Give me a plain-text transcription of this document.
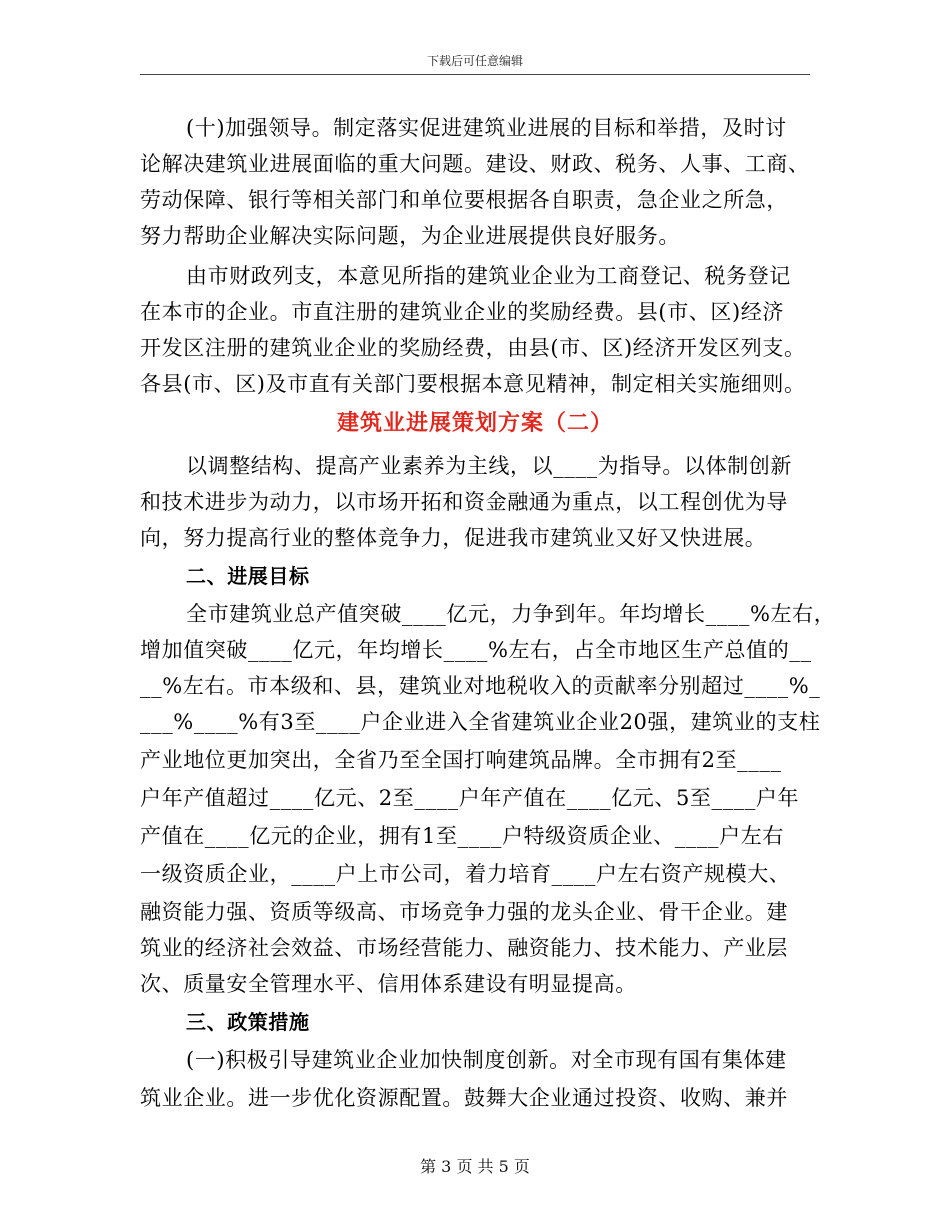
下载后可任意编辑
(十)加强领导。制定落实促进建筑业进展的目标和举措，及时讨
论解决建筑业进展面临的重大问题。建设、财政、税务、人事、工商、
劳动保障、银行等相关部门和单位要根据各自职责，急企业之所急，
努力帮助企业解决实际问题，为企业进展提供良好服务。
由市财政列支，本意见所指的建筑业企业为工商登记、税务登记
在本市的企业。市直注册的建筑业企业的奖励经费。县(市、区)经济
开发区注册的建筑业企业的奖励经费，由县(市、区)经济开发区列支。
各县(市、区)及市直有关部门要根据本意见精神，制定相关实施细则。
建筑业进展策划方案（二）
以调整结构、提高产业素养为主线，以____为指导。以体制创新
和技术进步为动力，以市场开拓和资金融通为重点，以工程创优为导
向，努力提高行业的整体竞争力，促进我市建筑业又好又快进展。
二、进展目标
全市建筑业总产值突破____亿元，力争到年。年均增长____%左右，
增加值突破____亿元，年均增长____%左右，占全市地区生产总值的__
__%左右。市本级和、县，建筑业对地税收入的贡献率分别超过____%_
___%____%有3至____户企业进入全省建筑业企业20强，建筑业的支柱
产业地位更加突出，全省乃至全国打响建筑品牌。全市拥有2至____
户年产值超过____亿元、2至____户年产值在____亿元、5至____户年
产值在____亿元的企业，拥有1至____户特级资质企业、____户左右
一级资质企业，____户上市公司，着力培育____户左右资产规模大、
融资能力强、资质等级高、市场竞争力强的龙头企业、骨干企业。建
筑业的经济社会效益、市场经营能力、融资能力、技术能力、产业层
次、质量安全管理水平、信用体系建设有明显提高。
三、政策措施
(一)积极引导建筑业企业加快制度创新。对全市现有国有集体建
筑业企业。进一步优化资源配置。鼓舞大企业通过投资、收购、兼并
第 3 页 共 5 页
